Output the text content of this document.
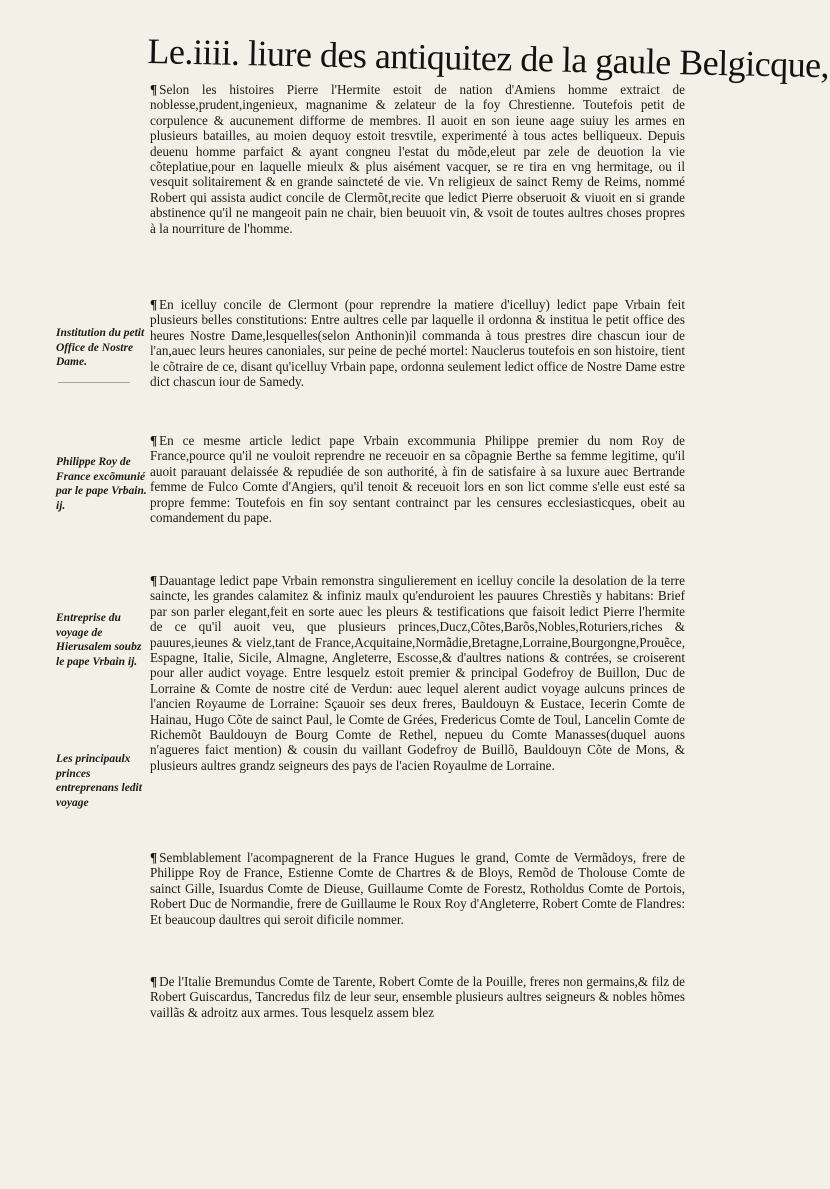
Le.iiii. liure des antiquitez de la gaule Belgicque,

¶ Selon les histoires Pierre l'Hermite estoit de nation d'Amiens homme extraict de noblesse,prudent,ingenieux, magnanime & zelateur de la foy Chrestienne. Toutefois petit de corpulence & aucunement difforme de membres. Il auoit en son ieune aage suiuy les armes en plusieurs batailles, au moien dequoy estoit tresvtile, experimenté à tous actes belliqueux. Depuis deuenu homme parfaict & ayant congneu l'estat du mõde,eleut par zele de deuotion la vie cõteplatiue,pour en laquelle mieulx & plus aisément vacquer, se re tira en vng hermitage, ou il vesquit solitairement & en grande saincteté de vie. Vn religieux de sainct Remy de Reims, nommé Robert qui assista audict concile de Clermõt,recite que ledict Pierre obseruoit & viuoit en si grande abstinence qu'il ne mangeoit pain ne chair, bien beuuoit vin, & vsoit de toutes aultres choses propres à la nourriture de l'homme.

¶ En icelluy concile de Clermont (pour reprendre la matiere d'icelluy) ledict pape Vrbain feit plusieurs belles constitutions: Entre aultres celle par laquelle il ordonna & institua le petit office des heures Nostre Dame,lesquelles(selon Anthonin)il commanda à tous prestres dire chascun iour de l'an,auec leurs heures canoniales, sur peine de peché mortel: Nauclerus toutefois en son histoire, tient le cõtraire de ce, disant qu'icelluy Vrbain pape, ordonna seulement ledict office de Nostre Dame estre dict chascun iour de Samedy.

¶ En ce mesme article ledict pape Vrbain excommunia Philippe premier du nom Roy de France,pource qu'il ne vouloit reprendre ne receuoir en sa cõpagnie Berthe sa femme legitime, qu'il auoit parauant delaissée & repudiée de son authorité, à fin de satisfaire à sa luxure auec Bertrande femme de Fulco Comte d'Angiers, qu'il tenoit & receuoit lors en son lict comme s'elle eust esté sa propre femme: Toutefois en fin soy sentant contrainct par les censures ecclesiasticques, obeit au comandement du pape.

¶ Dauantage ledict pape Vrbain remonstra singulierement en icelluy concile la desolation de la terre saincte, les grandes calamitez & infiniz maulx qu'enduroient les pauures Chrestiẽs y habitans: Brief par son parler elegant,feit en sorte auec les pleurs & testifications que faisoit ledict Pierre l'hermite de ce qu'il auoit veu, que plusieurs princes,Ducz,Cõtes,Barõs,Nobles,Roturiers,riches & pauures,ieunes & vielz,tant de France,Acquitaine,Normãdie,Bretagne,Lorraine,Bourgongne,Prouẽce, Espagne, Italie, Sicile, Almagne, Angleterre, Escosse,& d'aultres nations & contrées, se croiserent pour aller audict voyage. Entre lesquelz estoit premier & principal Godefroy de Buillon, Duc de Lorraine & Comte de nostre cité de Verdun: auec lequel alerent audict voyage aulcuns princes de l'ancien Royaume de Lorraine: Sçauoir ses deux freres, Bauldouyn & Eustace, Iecerin Comte de Hainau, Hugo Cõte de sainct Paul, le Comte de Grées, Fredericus Comte de Toul, Lancelin Comte de Richemõt Bauldouyn de Bourg Comte de Rethel, nepueu du Comte Manasses(duquel auons n'agueres faict mention) & cousin du vaillant Godefroy de Buillõ, Bauldouyn Cõte de Mons, & plusieurs aultres grandz seigneurs des pays de l'acien Royaulme de Lorraine.

¶ Semblablement l'acompagnerent de la France Hugues le grand, Comte de Vermãdoys, frere de Philippe Roy de France, Estienne Comte de Chartres & de Bloys, Remõd de Tholouse Comte de sainct Gille, Isuardus Comte de Dieuse, Guillaume Comte de Forestz, Rotholdus Comte de Portois, Robert Duc de Normandie, frere de Guillaume le Roux Roy d'Angleterre, Robert Comte de Flandres: Et beaucoup daultres qui seroit dificile nommer.

¶ De l'Italie Bremundus Comte de Tarente, Robert Comte de la Pouille, freres non germains,& filz de Robert Guiscardus, Tancredus filz de leur seur, ensemble plusieurs aultres seigneurs & nobles hõmes vaillãs & adroitz aux armes. Tous lesquelz assem blez

Institution du petit Office de Nostre Dame.
Philippe Roy de France excõmunié par le pape Vrbain. ij.
Entreprise du voyage de Hierusalem soubz le pape Vrbain ij.
Les principaulx princes entreprenans ledit voyage
